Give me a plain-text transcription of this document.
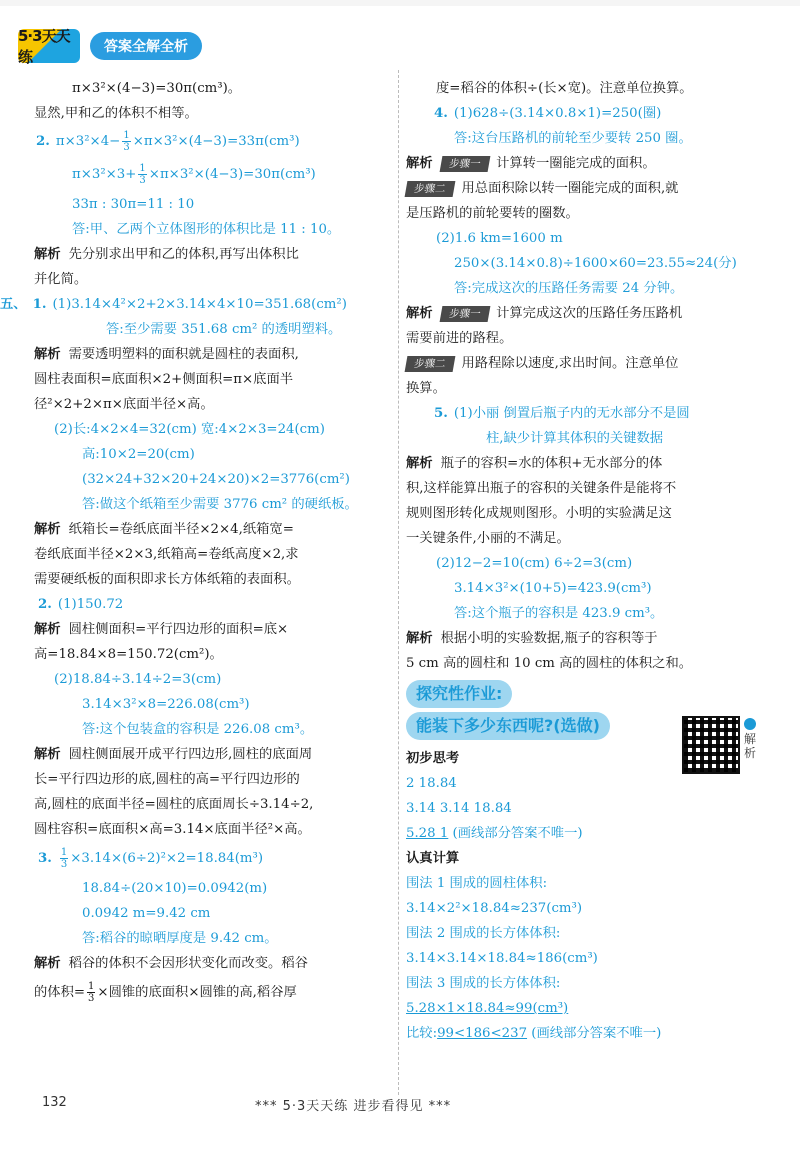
5·3天天练
答案全解全析
π×3²×(4−3)=30π(cm³)。
显然,甲和乙的体积不相等。
2. $\pi\times 3^2\times 4- \frac{1}{3} \times\pi\times 3^2\times(4-3)=33\pi(cm^3)$
$\pi\times 3^2\times 3+ \frac{1}{3} \times\pi\times 3^2\times(4-3)=30\pi(cm^3)$
33π : 30π=11 : 10
答:甲、乙两个立体图形的体积比是 11 : 10。
解析 先分别求出甲和乙的体积,再写出体积比
并化简。
五、 1. (1)3.14×4²×2+2×3.14×4×10=351.68(cm²)
答:至少需要 351.68 cm² 的透明塑料。
解析 需要透明塑料的面积就是圆柱的表面积,
圆柱表面积=底面积×2+侧面积=π×底面半
径²×2+2×π×底面半径×高。
(2)长:4×2×4=32(cm) 宽:4×2×3=24(cm)
高:10×2=20(cm)
(32×24+32×20+24×20)×2=3776(cm²)
答:做这个纸箱至少需要 3776 cm² 的硬纸板。
解析 纸箱长=卷纸底面半径×2×4,纸箱宽=
卷纸底面半径×2×3,纸箱高=卷纸高度×2,求
需要硬纸板的面积即求长方体纸箱的表面积。
2. (1)150.72
解析 圆柱侧面积=平行四边形的面积=底×
高=18.84×8=150.72(cm²)。
(2)18.84÷3.14÷2=3(cm)
3.14×3²×8=226.08(cm³)
答:这个包装盒的容积是 226.08 cm³。
解析 圆柱侧面展开成平行四边形,圆柱的底面周
长=平行四边形的底,圆柱的高=平行四边形的
高,圆柱的底面半径=圆柱的底面周长÷3.14÷2,
圆柱容积=底面积×高=3.14×底面半径²×高。
3. $\frac{1}{3} \times 3.14\times(6\div 2)^2\times 2=18.84(m^3)$
18.84÷(20×10)=0.0942(m)
0.0942 m=9.42 cm
答:稻谷的晾晒厚度是 9.42 cm。
解析 稻谷的体积不会因形状变化而改变。稻谷
的体积= $\frac{1}{3}$ ×圆锥的底面积×圆锥的高,稻谷厚
度=稻谷的体积÷(长×宽)。注意单位换算。
4. (1)628÷(3.14×0.8×1)=250(圈)
答:这台压路机的前轮至少要转 250 圈。
解析 步骤一 计算转一圈能完成的面积。
步骤二 用总面积除以转一圈能完成的面积,就
是压路机的前轮要转的圈数。
(2)1.6 km=1600 m
250×(3.14×0.8)÷1600×60=23.55≈24(分)
答:完成这次的压路任务需要 24 分钟。
解析 步骤一 计算完成这次的压路任务压路机
需要前进的路程。
步骤二 用路程除以速度,求出时间。注意单位
换算。
5. (1)小丽 倒置后瓶子内的无水部分不是圆
柱,缺少计算其体积的关键数据
解析 瓶子的容积=水的体积+无水部分的体
积,这样能算出瓶子的容积的关键条件是能将不
规则图形转化成规则图形。小明的实验满足这
一关键条件,小丽的不满足。
(2)12−2=10(cm) 6÷2=3(cm)
3.14×3²×(10+5)=423.9(cm³)
答:这个瓶子的容积是 423.9 cm³。
解析 根据小明的实验数据,瓶子的容积等于
5 cm 高的圆柱和 10 cm 高的圆柱的体积之和。
探究性作业:
能装下多少东西呢?(选做)
初步思考
2 18.84
3.14 3.14 18.84
5.28 1 (画线部分答案不唯一)
认真计算
围法 1 围成的圆柱体积:
3.14×2²×18.84≈237(cm³)
围法 2 围成的长方体体积:
3.14×3.14×18.84≈186(cm³)
围法 3 围成的长方体体积:
5.28×1×18.84≈99(cm³)
比较:99<186<237 (画线部分答案不唯一)
解析
132	*** 5·3天天练 进步看得见 ***
